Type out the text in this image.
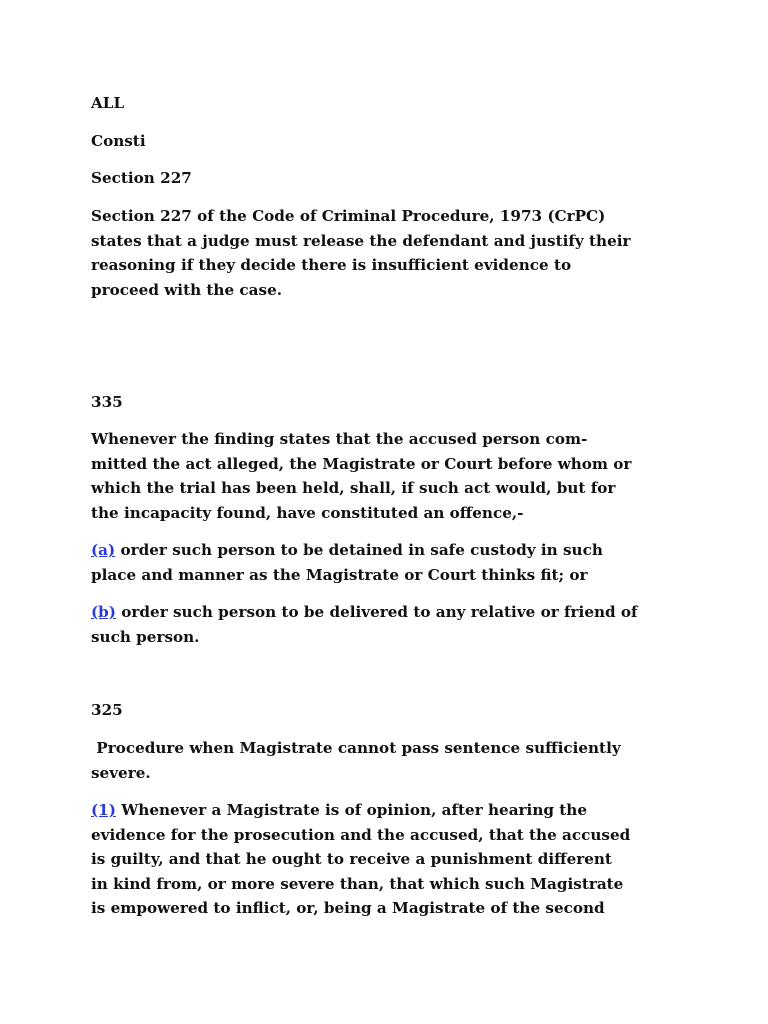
ALL

Consti

Section 227

Section 227 of the Code of Criminal Procedure, 1973 (CrPC)
states that a judge must release the defendant and justify their
reasoning if they decide there is insufficient evidence to
proceed with the case.

335

Whenever the finding states that the accused person com-
mitted the act alleged, the Magistrate or Court before whom or
which the trial has been held, shall, if such act would, but for
the incapacity found, have constituted an offence,-

(a) order such person to be detained in safe custody in such
place and manner as the Magistrate or Court thinks fit; or

(b) order such person to be delivered to any relative or friend of
such person.

325

Procedure when Magistrate cannot pass sentence sufficiently
severe.

(1) Whenever a Magistrate is of opinion, after hearing the
evidence for the prosecution and the accused, that the accused
is guilty, and that he ought to receive a punishment different
in kind from, or more severe than, that which such Magistrate
is empowered to inflict, or, being a Magistrate of the second
